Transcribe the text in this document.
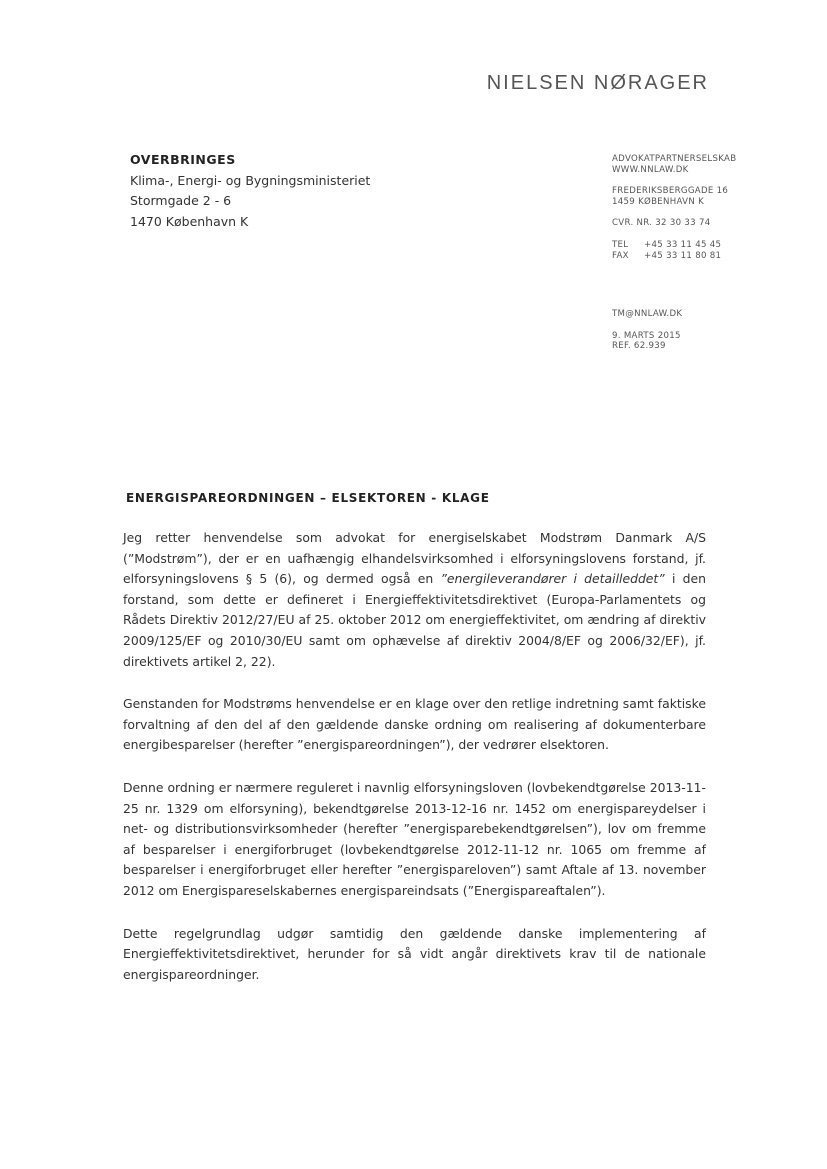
NIELSEN NØRAGER
OVERBRINGES
Klima-, Energi- og Bygningsministeriet
Stormgade 2 - 6
1470 København K
ADVOKATPARTNERSELSKAB
WWW.NNLAW.DK
FREDERIKSBERGGADE 16
1459 KØBENHAVN K
CVR. NR. 32 30 33 74
TEL	+45 33 11 45 45
FAX	+45 33 11 80 81
TM@NNLAW.DK
9. MARTS 2015
REF. 62.939
ENERGISPAREORDNINGEN – ELSEKTOREN - KLAGE

Jeg retter henvendelse som advokat for energiselskabet Modstrøm Danmark A/S (”Modstrøm”), der er en uafhængig elhandelsvirksomhed i elforsyningslovens forstand, jf. elforsyningslovens § 5 (6), og dermed også en ”energileverandører i detailleddet” i den forstand, som dette er defineret i Energieffektivitetsdirektivet (Europa-Parlamentets og Rådets Direktiv 2012/27/EU af 25. oktober 2012 om energieffektivitet, om ændring af direktiv 2009/125/EF og 2010/30/EU samt om ophævelse af direktiv 2004/8/EF og 2006/32/EF), jf. direktivets artikel 2, 22).

Genstanden for Modstrøms henvendelse er en klage over den retlige indretning samt faktiske forvaltning af den del af den gældende danske ordning om realisering af dokumenterbare energibesparelser (herefter ”energispareordningen”), der vedrører elsektoren.

Denne ordning er nærmere reguleret i navnlig elforsyningsloven (lovbekendtgørelse 2013-11-25 nr. 1329 om elforsyning), bekendtgørelse 2013-12-16 nr. 1452 om energispareydelser i net- og distributionsvirksomheder (herefter ”energisparebekendtgørelsen”), lov om fremme af besparelser i energiforbruget (lovbekendtgørelse 2012-11-12 nr. 1065 om fremme af besparelser i energiforbruget eller herefter ”energispareloven”) samt Aftale af 13. november 2012 om Energispareselskabernes energispareindsats (”Energispareaftalen”).

Dette regelgrundlag udgør samtidig den gældende danske implementering af Energieffektivitetsdirektivet, herunder for så vidt angår direktivets krav til de nationale energispareordninger.
